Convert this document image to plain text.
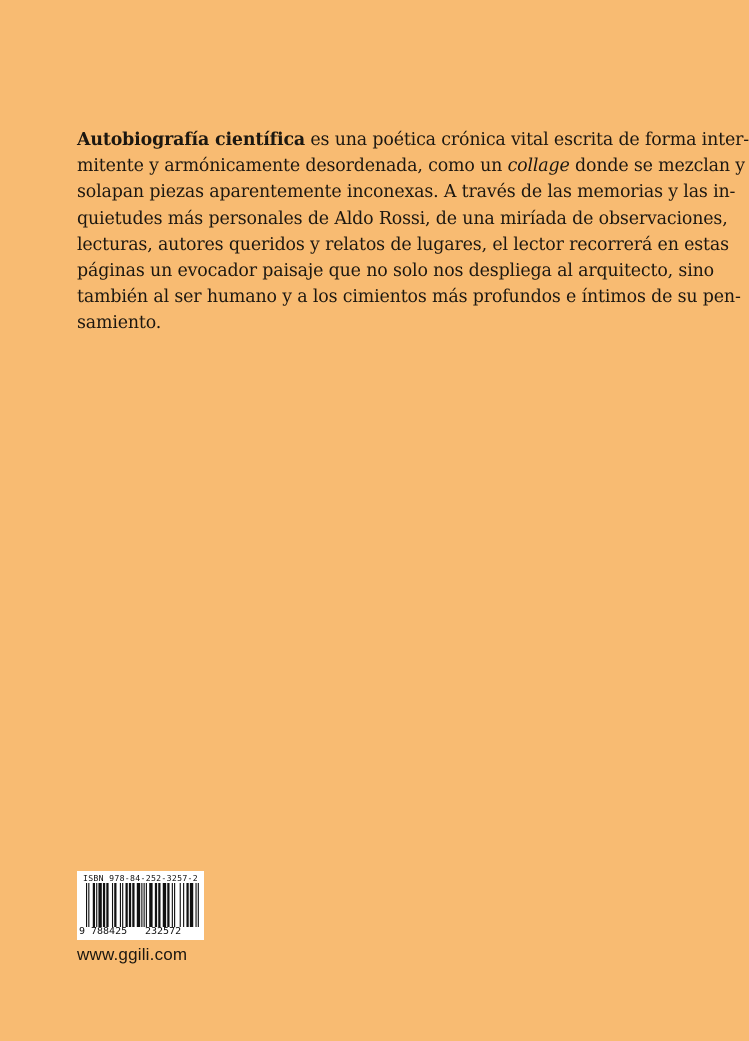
Autobiografía científica es una poética crónica vital escrita de forma inter-
mitente y armónicamente desordenada, como un collage donde se mezclan y
solapan piezas aparentemente inconexas. A través de las memorias y las in-
quietudes más personales de Aldo Rossi, de una miríada de observaciones,
lecturas, autores queridos y relatos de lugares, el lector recorrerá en estas
páginas un evocador paisaje que no solo nos despliega al arquitecto, sino
también al ser humano y a los cimientos más profundos e íntimos de su pen-
samiento.
ISBN 978-84-252-3257-2
9 788425 232572
www.ggili.com
